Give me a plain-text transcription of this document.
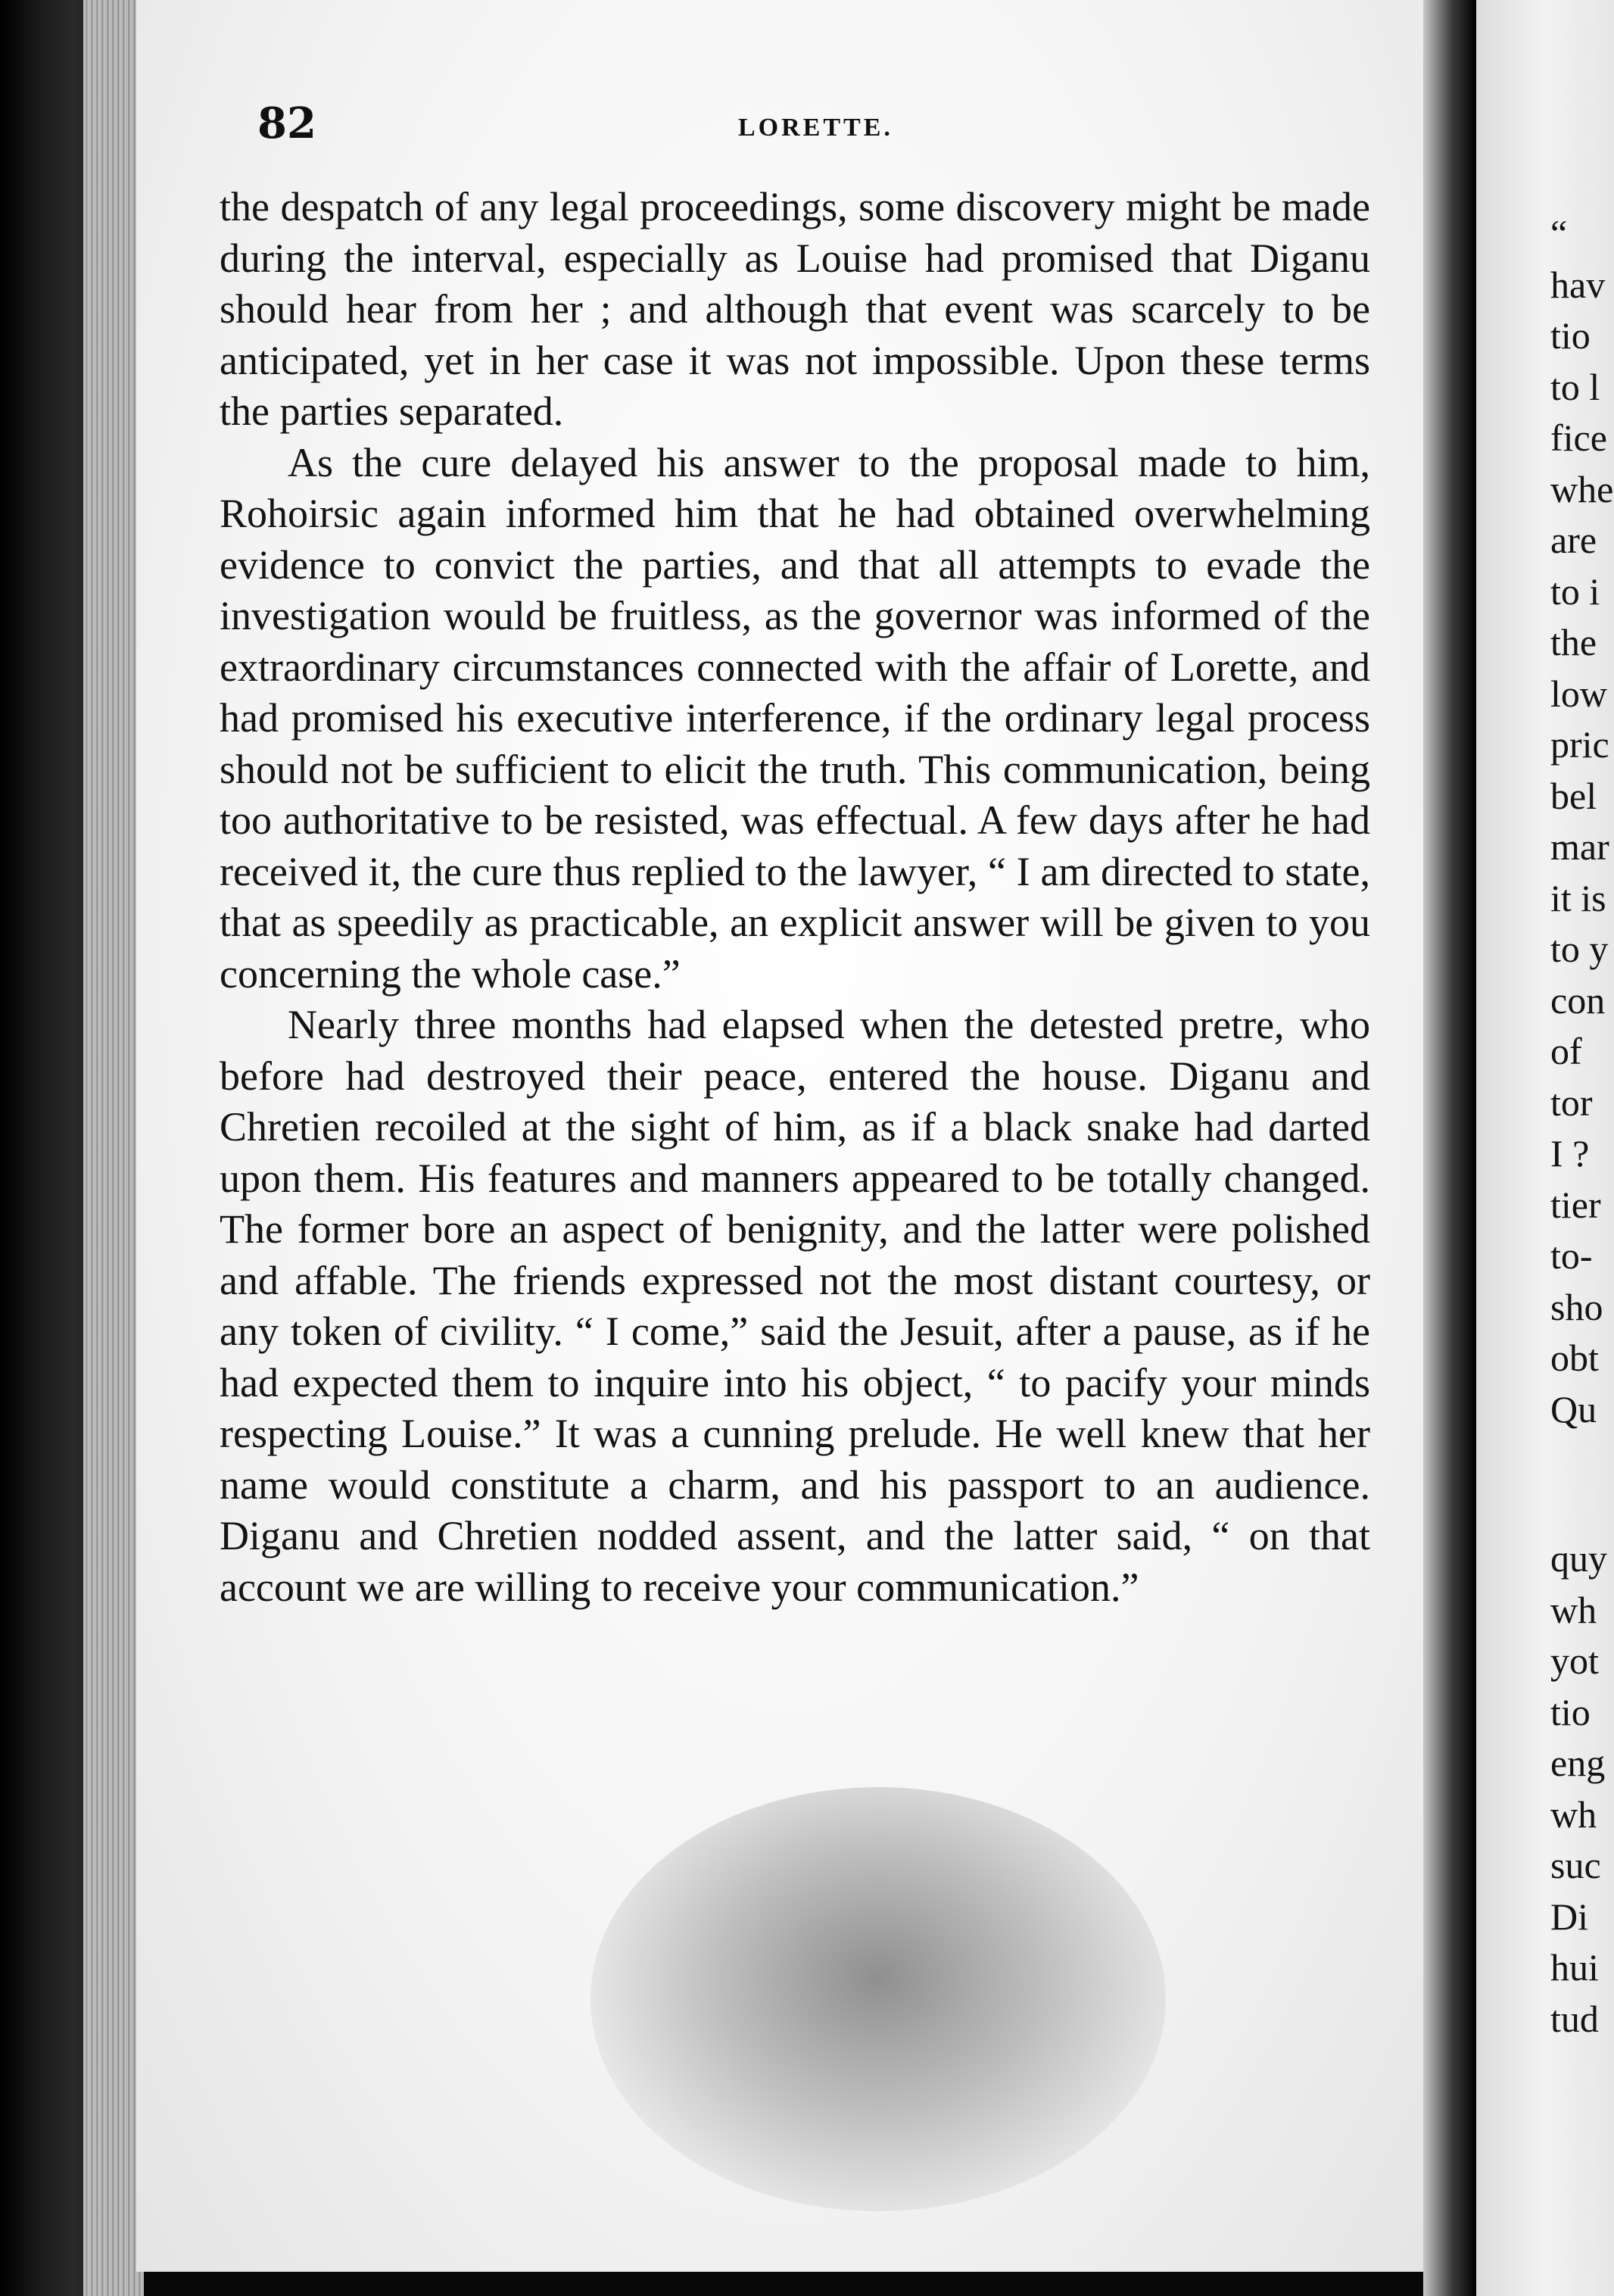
82	LORETTE.

the despatch of any legal proceedings, some discovery might be made during the interval, especially as Louise had promised that Diganu should hear from her ; and although that event was scarcely to be anticipated, yet in her case it was not impossible. Upon these terms the parties separated.

As the cure delayed his answer to the proposal made to him, Rohoirsic again informed him that he had obtained overwhelming evidence to convict the parties, and that all attempts to evade the investigation would be fruitless, as the governor was informed of the extraordinary circumstances connected with the affair of Lorette, and had promised his executive interference, if the ordinary legal process should not be sufficient to elicit the truth. This communication, being too authoritative to be resisted, was effectual. A few days after he had received it, the cure thus replied to the lawyer, “ I am directed to state, that as speedily as practicable, an explicit answer will be given to you concerning the whole case.”

Nearly three months had elapsed when the detested pretre, who before had destroyed their peace, entered the house. Diganu and Chretien recoiled at the sight of him, as if a black snake had darted upon them. His features and manners appeared to be totally changed. The former bore an aspect of benignity, and the latter were polished and affable. The friends expressed not the most distant courtesy, or any token of civility. “ I come,” said the Jesuit, after a pause, as if he had expected them to inquire into his object, “ to pacify your minds respecting Louise.” It was a cunning prelude. He well knew that her name would constitute a charm, and his passport to an audience. Diganu and Chretien nodded assent, and the latter said, “ on that account we are willing to receive your communication.”

“
hav
tio
to l
fice
whe
are
to i
the
low
pric
bel
mar
it is
to y
con
of
tor
I ?
tier
to-
sho
obt
Qu
quy
wh
yot
tio
eng
wh
suc
Di
hui
tud
